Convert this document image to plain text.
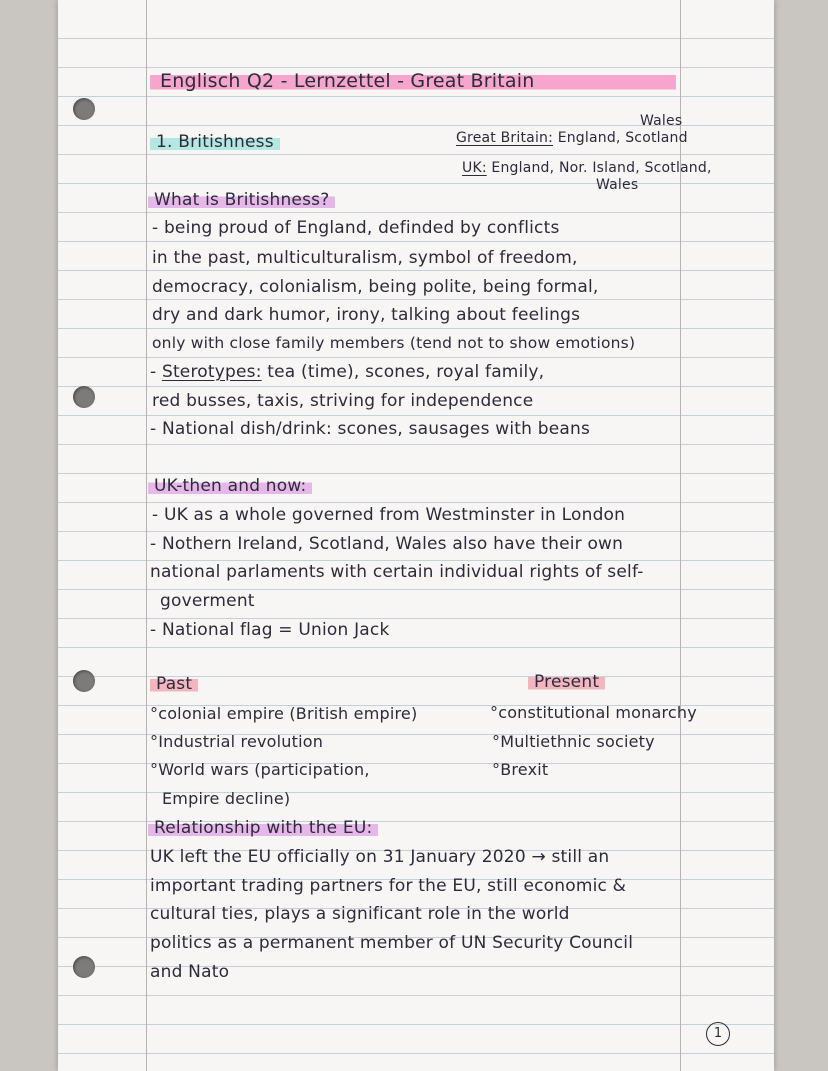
Englisch Q2 - Lernzettel - Great Britain
1. Britishness
Wales
Great Britain: England, Scotland
UK: England, Nor. Island, Scotland,
Wales
What is Britishness?
- being proud of England, definded by conflicts
in the past, multiculturalism, symbol of freedom,
democracy, colonialism, being polite, being formal,
dry and dark humor, irony, talking about feelings
only with close family members (tend not to show emotions)
- Sterotypes: tea (time), scones, royal family,
red busses, taxis, striving for independence
- National dish/drink: scones, sausages with beans
UK-then and now:
- UK as a whole governed from Westminster in London
- Nothern Ireland, Scotland, Wales also have their own
national parlaments with certain individual rights of self-
goverment
- National flag = Union Jack
Past	Present
°colonial empire (British empire)
°Industrial revolution
°World wars (participation,
Empire decline)
°constitutional monarchy
°Multiethnic society
°Brexit
Relationship with the EU:
UK left the EU officially on 31 January 2020 → still an
important trading partners for the EU, still economic &
cultural ties, plays a significant role in the world
politics as a permanent member of UN Security Council
and Nato
1
